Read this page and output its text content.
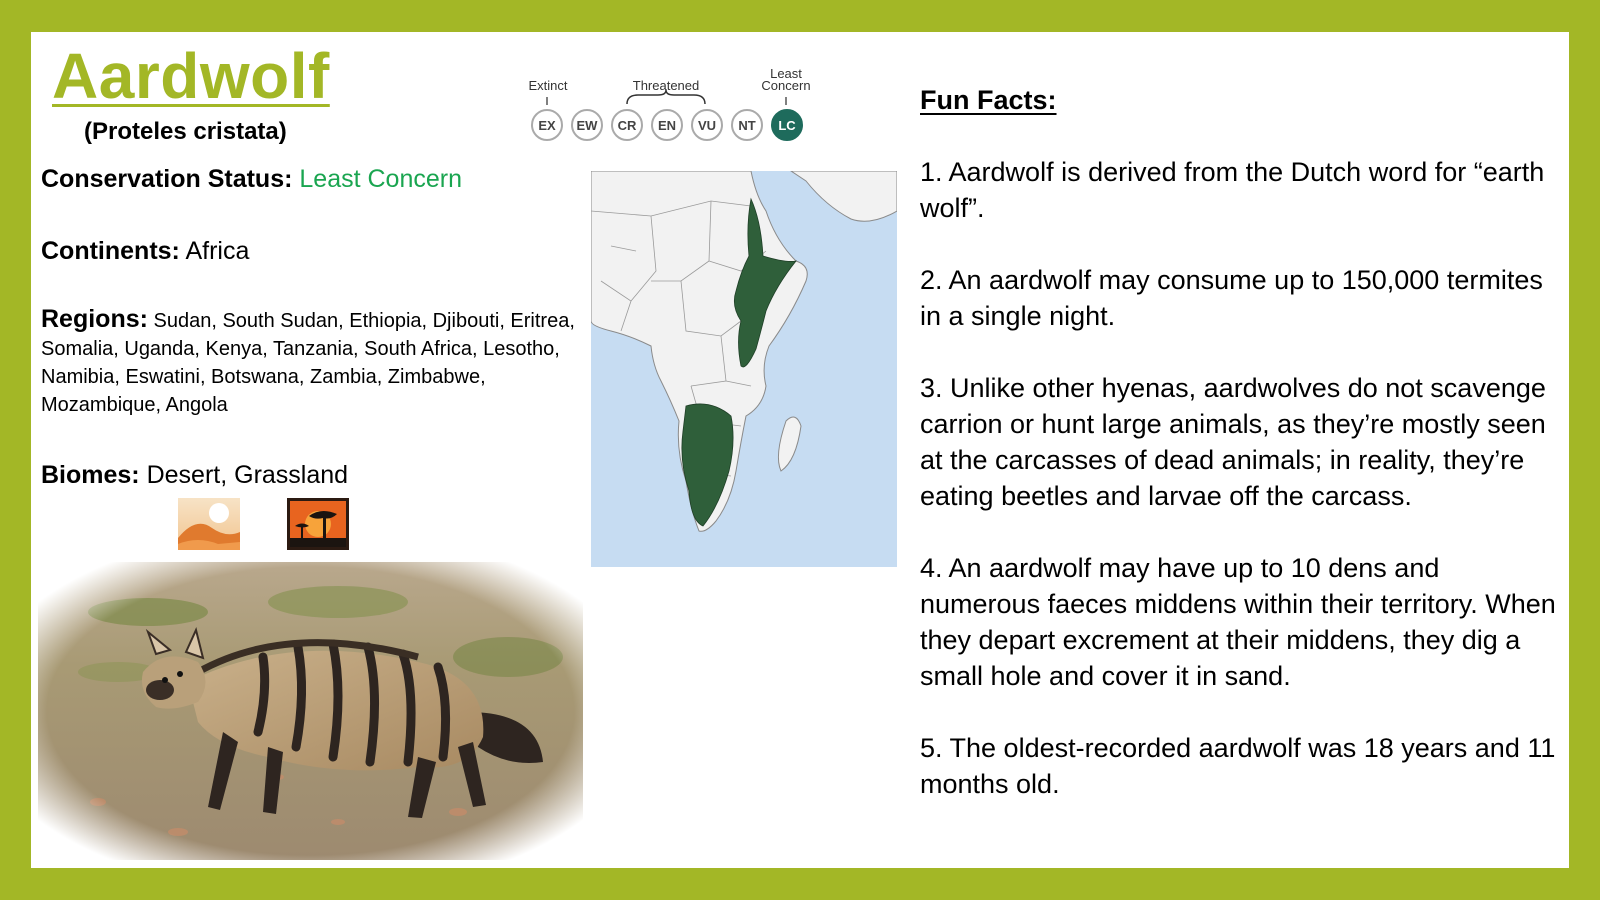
Aardwolf
(Proteles cristata)
Conservation Status: Least Concern
Continents: Africa
Regions: Sudan, South Sudan, Ethiopia, Djibouti, Eritrea, Somalia, Uganda, Kenya, Tanzania, South Africa, Lesotho, Namibia, Eswatini, Botswana, Zambia, Zimbabwe, Mozambique, Angola
Biomes: Desert, Grassland
Extinct	Threatened
Least
Concern
EX EW CR EN VU NT LC
Fun Facts:

1. Aardwolf is derived from the Dutch word for “earth wolf”.

2. An aardwolf may consume up to 150,000 termites in a single night.

3. Unlike other hyenas, aardwolves do not scavenge carrion or hunt large animals, as they’re mostly seen at the carcasses of dead animals; in reality, they’re eating beetles and larvae off the carcass.

4. An aardwolf may have up to 10 dens and numerous faeces middens within their territory. When they depart excrement at their middens, they dig a small hole and cover it in sand.

5. The oldest-recorded aardwolf was 18 years and 11 months old.
